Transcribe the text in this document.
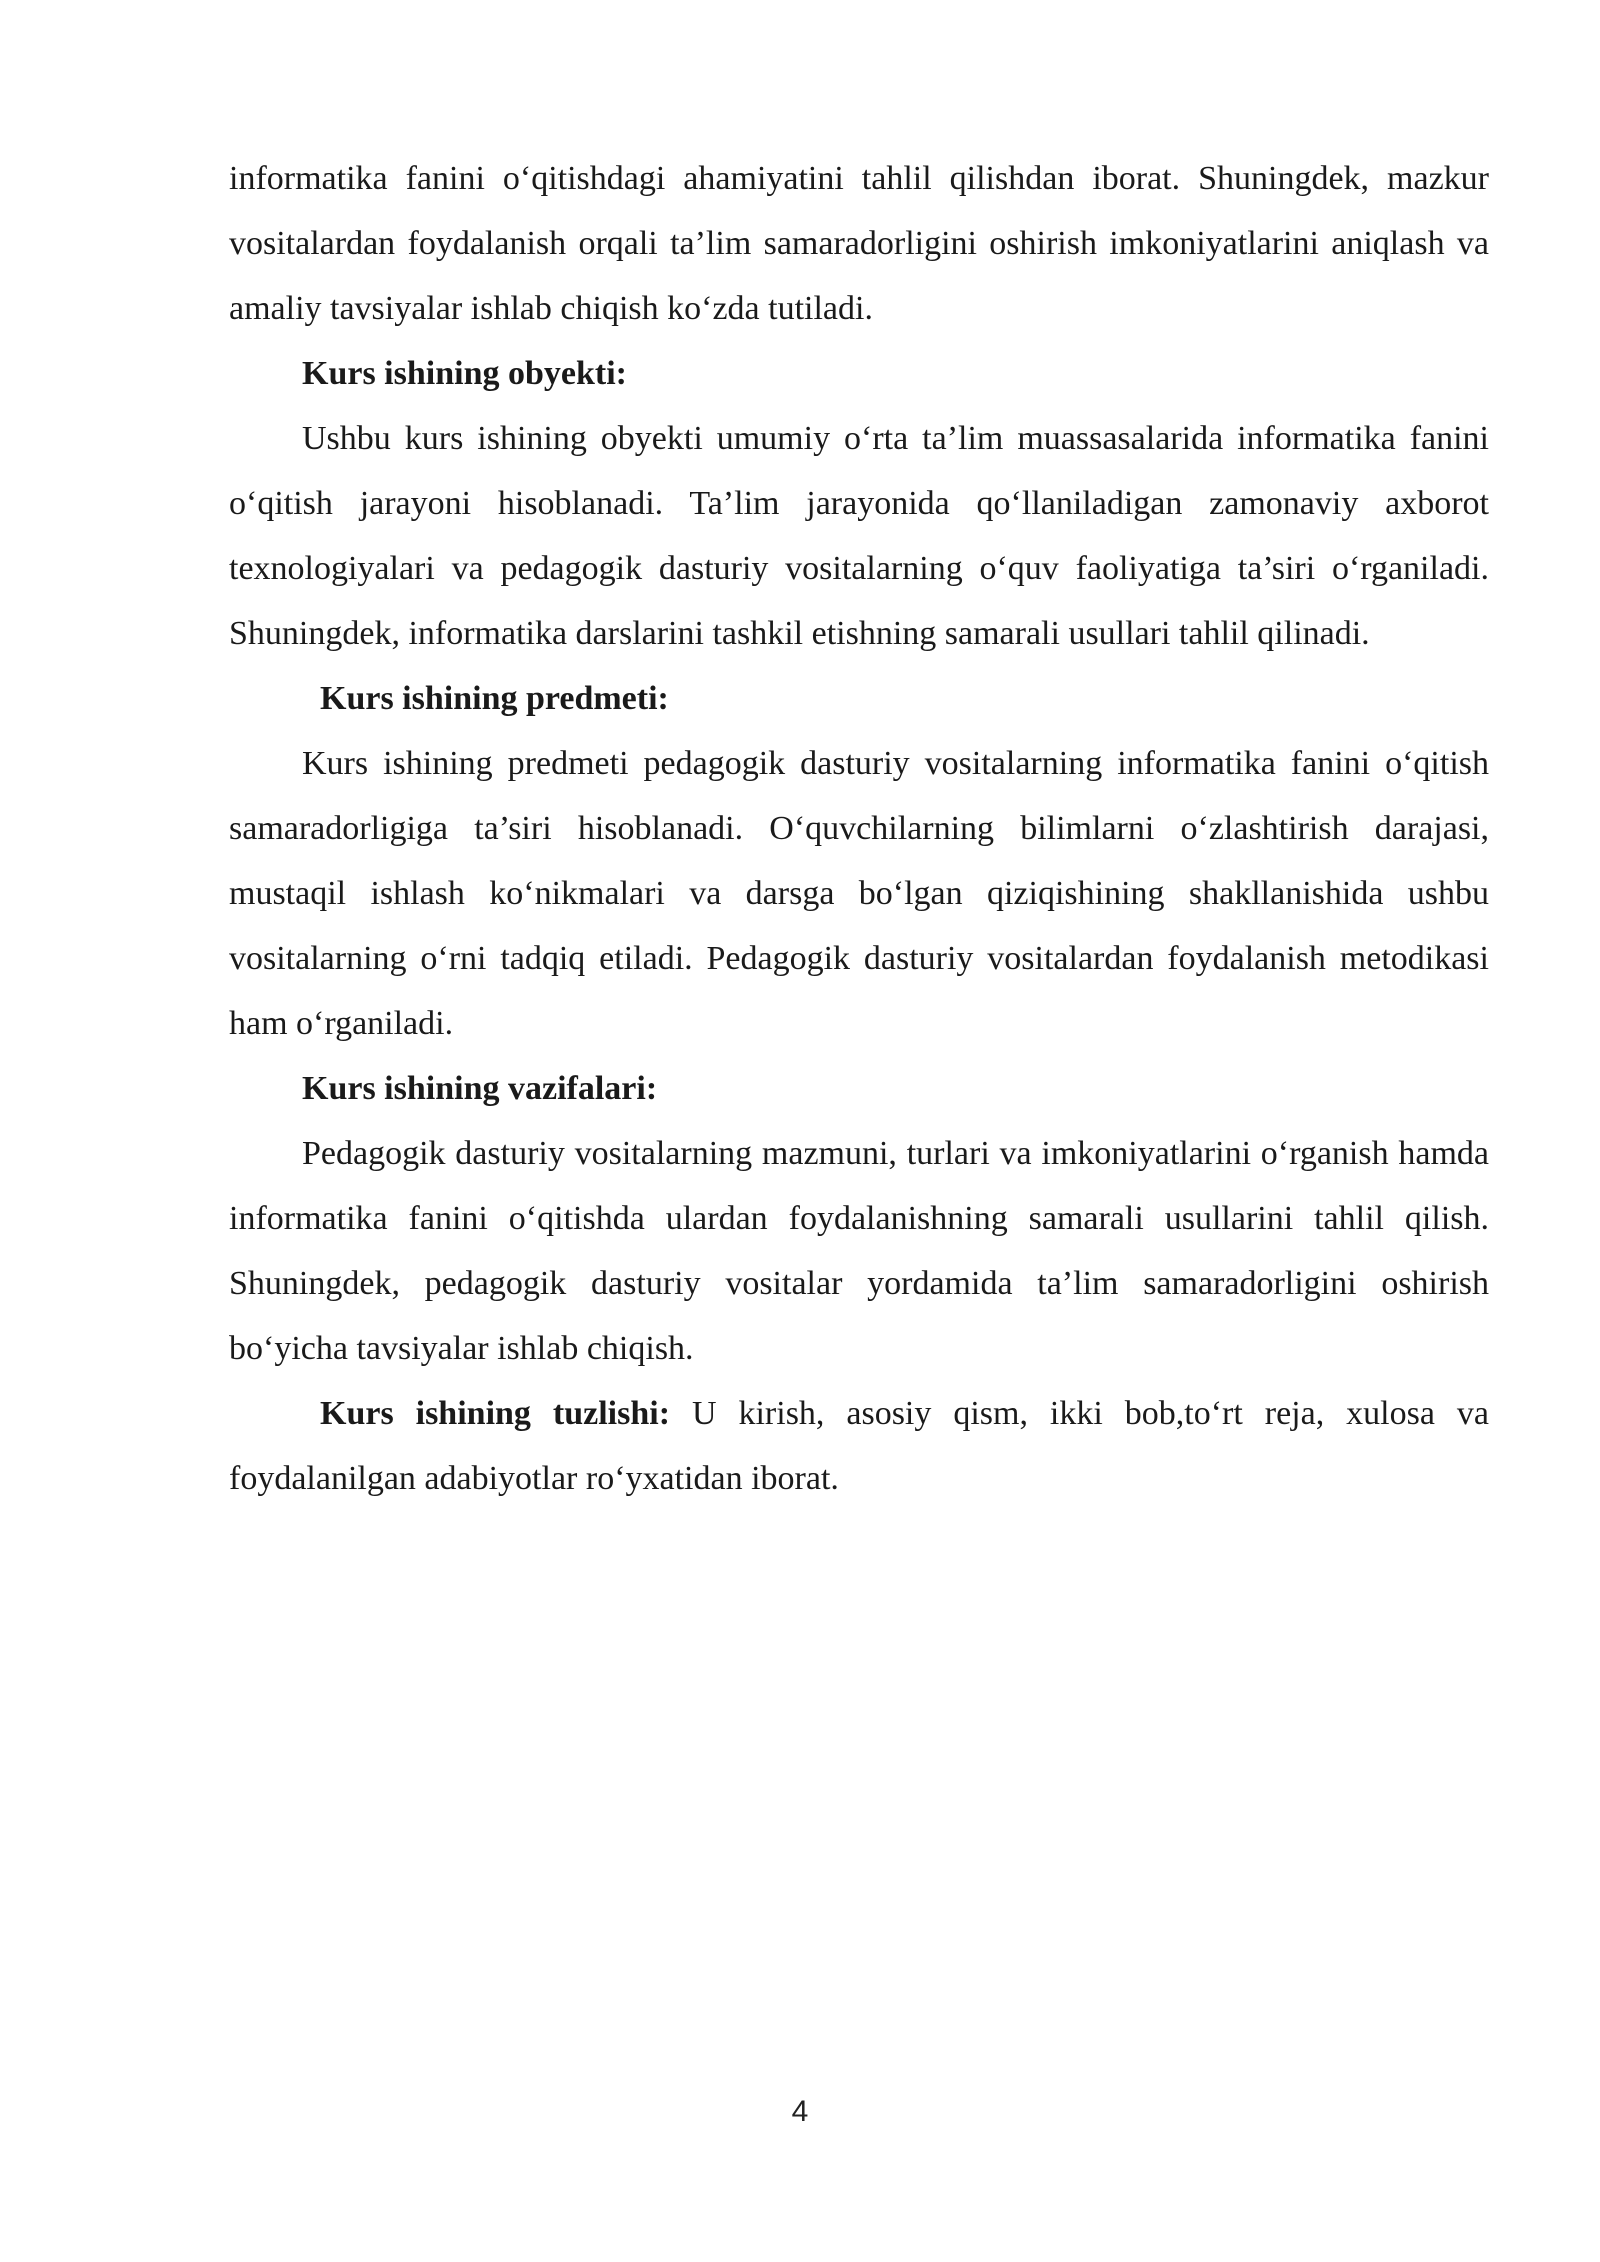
informatika fanini o‘qitishdagi ahamiyatini tahlil qilishdan iborat. Shuningdek, mazkur vositalardan foydalanish orqali ta’lim samaradorligini oshirish imkoniyatlarini aniqlash va amaliy tavsiyalar ishlab chiqish ko‘zda tutiladi.

Kurs ishining obyekti:

Ushbu kurs ishining obyekti umumiy o‘rta ta’lim muassasalarida informatika fanini o‘qitish jarayoni hisoblanadi. Ta’lim jarayonida qo‘llaniladigan zamonaviy axborot texnologiyalari va pedagogik dasturiy vositalarning o‘quv faoliyatiga ta’siri o‘rganiladi. Shuningdek, informatika darslarini tashkil etishning samarali usullari tahlil qilinadi.

Kurs ishining predmeti:

Kurs ishining predmeti pedagogik dasturiy vositalarning informatika fanini o‘qitish samaradorligiga ta’siri hisoblanadi. O‘quvchilarning bilimlarni o‘zlashtirish darajasi, mustaqil ishlash ko‘nikmalari va darsga bo‘lgan qiziqishining shakllanishida ushbu vositalarning o‘rni tadqiq etiladi. Pedagogik dasturiy vositalardan foydalanish metodikasi ham o‘rganiladi.

Kurs ishining vazifalari:

Pedagogik dasturiy vositalarning mazmuni, turlari va imkoniyatlarini o‘rganish hamda informatika fanini o‘qitishda ulardan foydalanishning samarali usullarini tahlil qilish. Shuningdek, pedagogik dasturiy vositalar yordamida ta’lim samaradorligini oshirish bo‘yicha tavsiyalar ishlab chiqish.

Kurs ishining tuzlishi: U kirish, asosiy qism, ikki bob,to‘rt reja, xulosa va foydalanilgan adabiyotlar ro‘yxatidan iborat.

4
